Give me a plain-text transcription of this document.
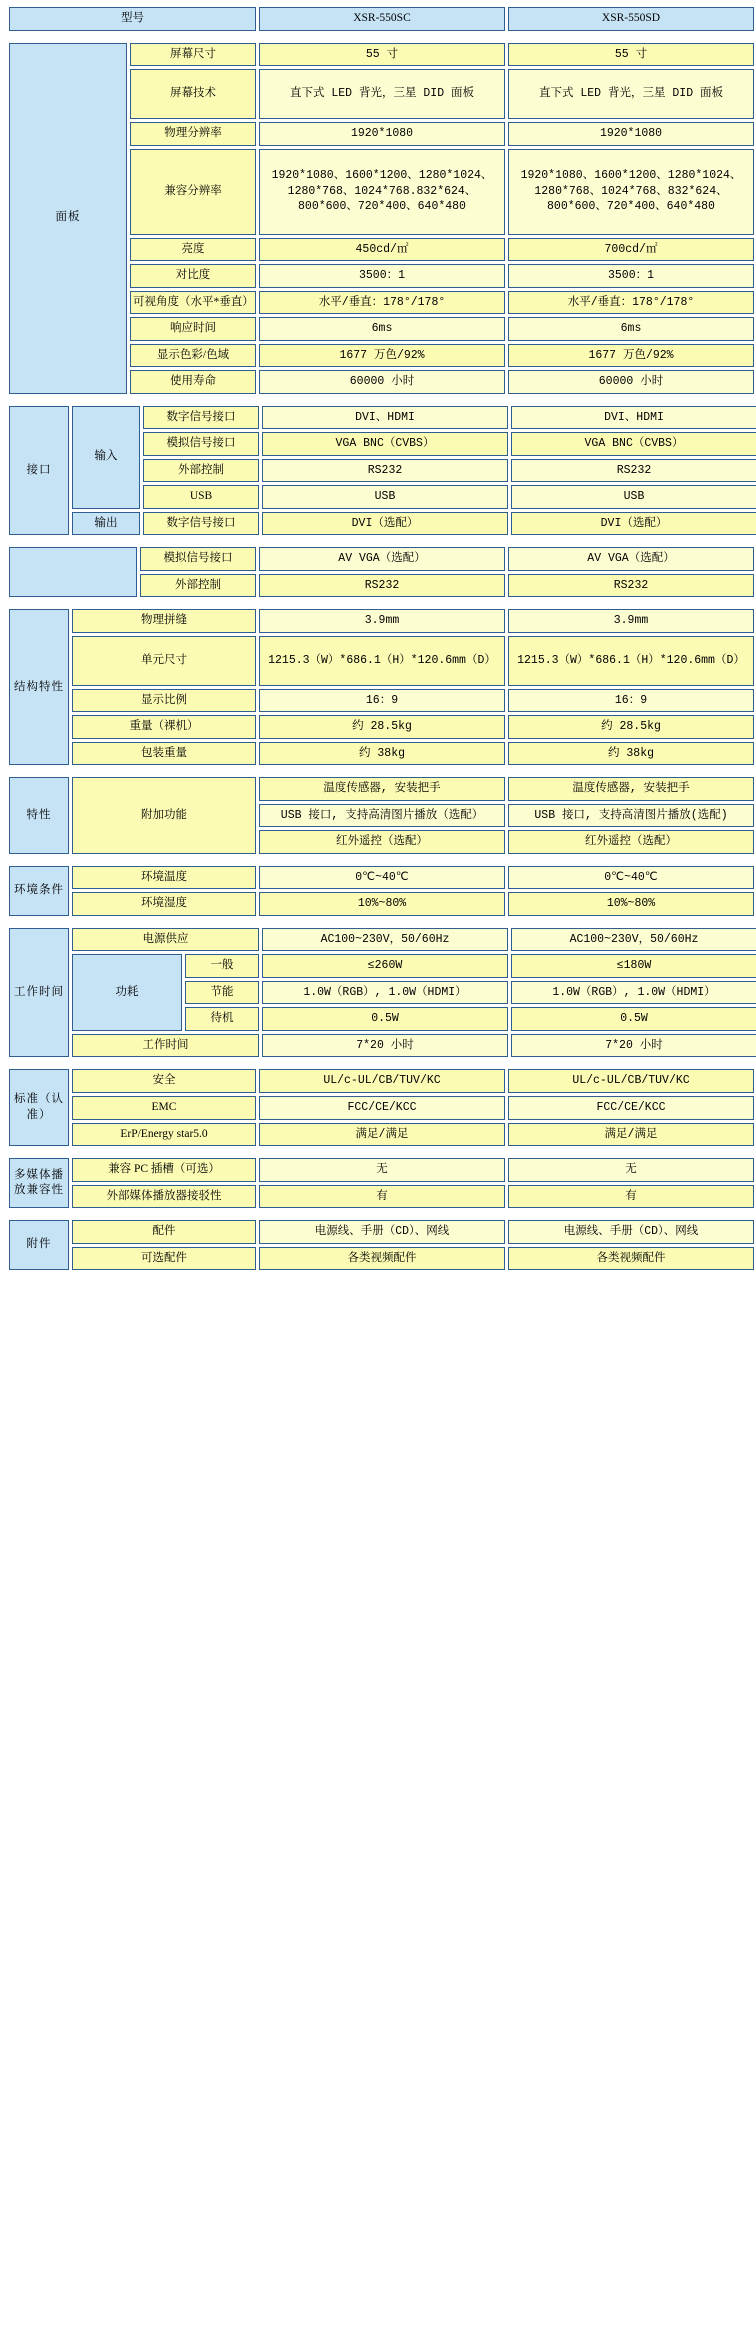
型号	XSR-550SC	XSR-550SD
面板	屏幕尺寸	55 寸	55 寸
	屏幕技术	直下式 LED 背光，三星 DID 面板	直下式 LED 背光，三星 DID 面板
	物理分辨率	1920*1080	1920*1080
	兼容分辨率	1920*1080、1600*1200、1280*1024、1280*768、1024*768.832*624、800*600、720*400、640*480	1920*1080、1600*1200、1280*1024、1280*768、1024*768、832*624、800*600、720*400、640*480
	亮度	450cd/㎡	700cd/㎡
	对比度	3500：1	3500：1
	可视角度（水平*垂直）	水平/垂直：178°/178°	水平/垂直：178°/178°
	响应时间	6ms	6ms
	显示色彩/色域	1677 万色/92%	1677 万色/92%
	使用寿命	60000 小时	60000 小时
接口	输入	数字信号接口	DVI、HDMI	DVI、HDMI
		模拟信号接口	VGA BNC（CVBS）	VGA BNC（CVBS）
		外部控制	RS232	RS232
		USB	USB	USB
	输出	数字信号接口	DVI（选配）	DVI（选配）
	模拟信号接口	AV VGA（选配）	AV VGA（选配）
	外部控制	RS232	RS232
结构特性	物理拼缝	3.9mm	3.9mm
	单元尺寸	1215.3（W）*686.1（H）*120.6mm（D）	1215.3（W）*686.1（H）*120.6mm（D）
	显示比例	16：9	16：9
	重量（裸机）	约 28.5kg	约 28.5kg
	包装重量	约 38kg	约 38kg
特性	附加功能	温度传感器, 安装把手	温度传感器, 安装把手
		USB 接口, 支持高清图片播放（选配）	USB 接口, 支持高清图片播放(选配)
		红外遥控（选配）	红外遥控（选配）
环境条件	环境温度	0℃~40℃	0℃~40℃
	环境湿度	10%~80%	10%~80%
工作时间	电源供应		AC100~230V，50/60Hz	AC100~230V，50/60Hz
	功耗	一般	≤260W	≤180W
		节能	1.0W（RGB）, 1.0W（HDMI）	1.0W（RGB）, 1.0W（HDMI）
		待机	0.5W	0.5W
	工作时间		7*20 小时	7*20 小时
标准（认准）	安全	UL/c-UL/CB/TUV/KC	UL/c-UL/CB/TUV/KC
	EMC	FCC/CE/KCC	FCC/CE/KCC
	ErP/Energy star5.0	满足/满足	满足/满足
多媒体播放兼容性	兼容 PC 插槽（可选）	无	无
	外部媒体播放器接驳性	有	有
附件	配件	电源线、手册（CD）、网线	电源线、手册（CD）、网线
	可选配件	各类视频配件	各类视频配件
